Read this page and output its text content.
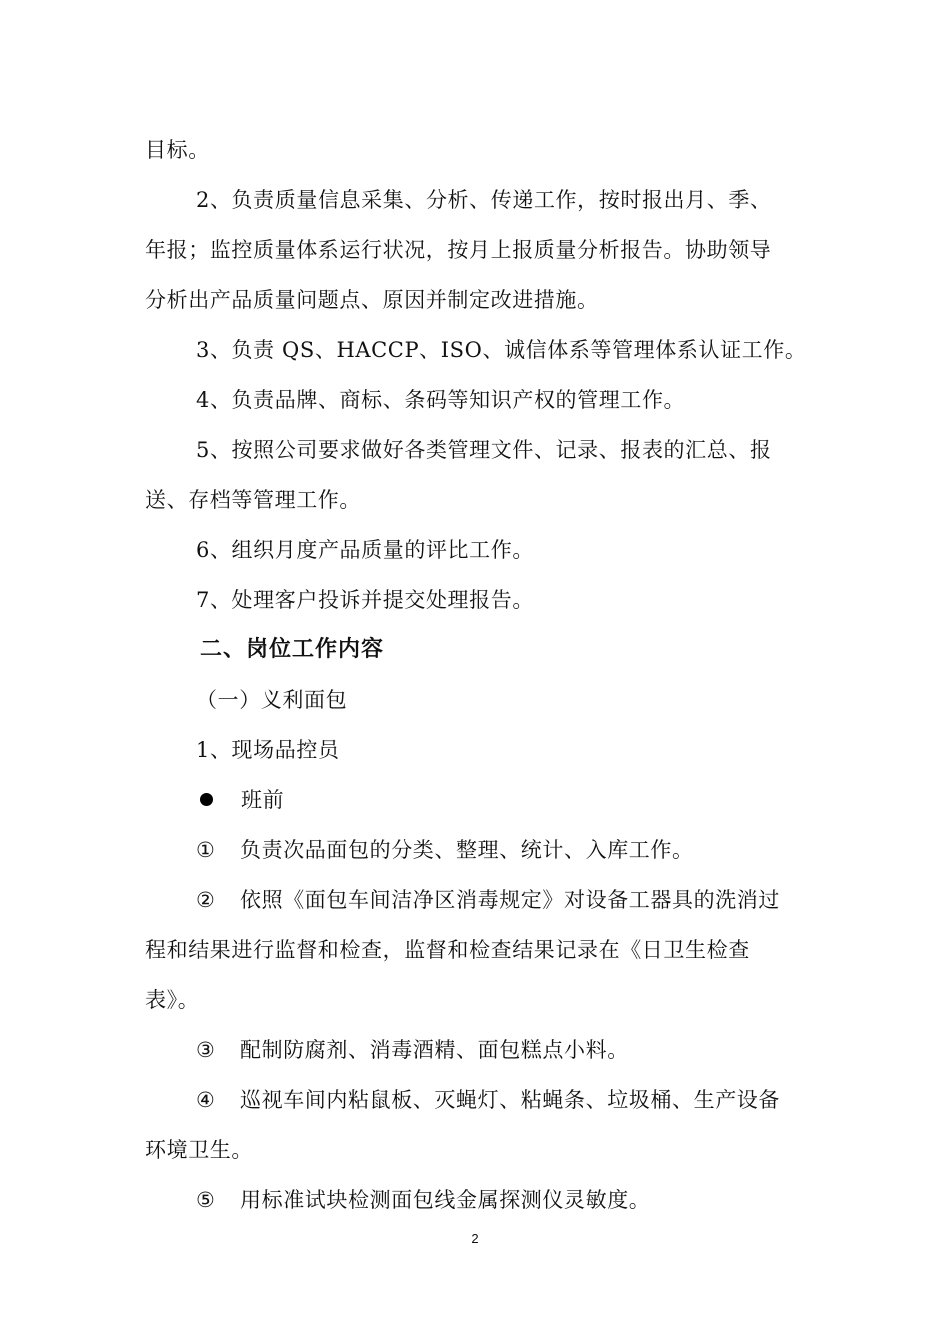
目标。
2、负责质量信息采集、分析、传递工作，按时报出月、季、
年报；监控质量体系运行状况，按月上报质量分析报告。协助领导
分析出产品质量问题点、原因并制定改进措施。
3、负责 QS、HACCP、ISO、诚信体系等管理体系认证工作。
4、负责品牌、商标、条码等知识产权的管理工作。
5、按照公司要求做好各类管理文件、记录、报表的汇总、报
送、存档等管理工作。
6、组织月度产品质量的评比工作。
7、处理客户投诉并提交处理报告。
二、岗位工作内容
（一）义利面包
1、现场品控员
班前
① 负责次品面包的分类、整理、统计、入库工作。
② 依照《面包车间洁净区消毒规定》对设备工器具的洗消过
程和结果进行监督和检查，监督和检查结果记录在《日卫生检查
表》。
③ 配制防腐剂、消毒酒精、面包糕点小料。
④ 巡视车间内粘鼠板、灭蝇灯、粘蝇条、垃圾桶、生产设备
环境卫生。
⑤ 用标准试块检测面包线金属探测仪灵敏度。
2
